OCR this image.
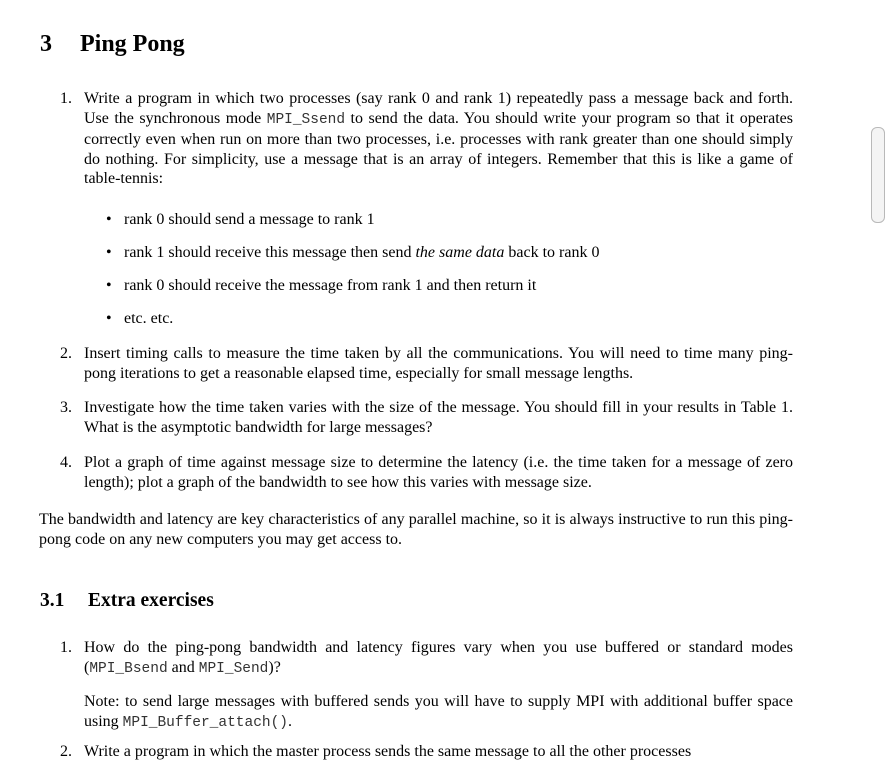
3 Ping Pong
1. Write a program in which two processes (say rank 0 and rank 1) repeatedly pass a message back and forth. Use the synchronous mode MPI_Ssend to send the data. You should write your program so that it operates correctly even when run on more than two processes, i.e. processes with rank greater than one should simply do nothing. For simplicity, use a message that is an array of integers. Remember that this is like a game of table-tennis:
• rank 0 should send a message to rank 1
• rank 1 should receive this message then send the same data back to rank 0
• rank 0 should receive the message from rank 1 and then return it
• etc. etc.
2. Insert timing calls to measure the time taken by all the communications. You will need to time many ping-pong iterations to get a reasonable elapsed time, especially for small message lengths.
3. Investigate how the time taken varies with the size of the message. You should fill in your results in Table 1. What is the asymptotic bandwidth for large messages?
4. Plot a graph of time against message size to determine the latency (i.e. the time taken for a message of zero length); plot a graph of the bandwidth to see how this varies with message size.
The bandwidth and latency are key characteristics of any parallel machine, so it is always instructive to run this ping-pong code on any new computers you may get access to.
3.1 Extra exercises
1. How do the ping-pong bandwidth and latency figures vary when you use buffered or standard modes (MPI_Bsend and MPI_Send)?
Note: to send large messages with buffered sends you will have to supply MPI with additional buffer space using MPI_Buffer_attach().
2. Write a program in which the master process sends the same message to all the other processes
